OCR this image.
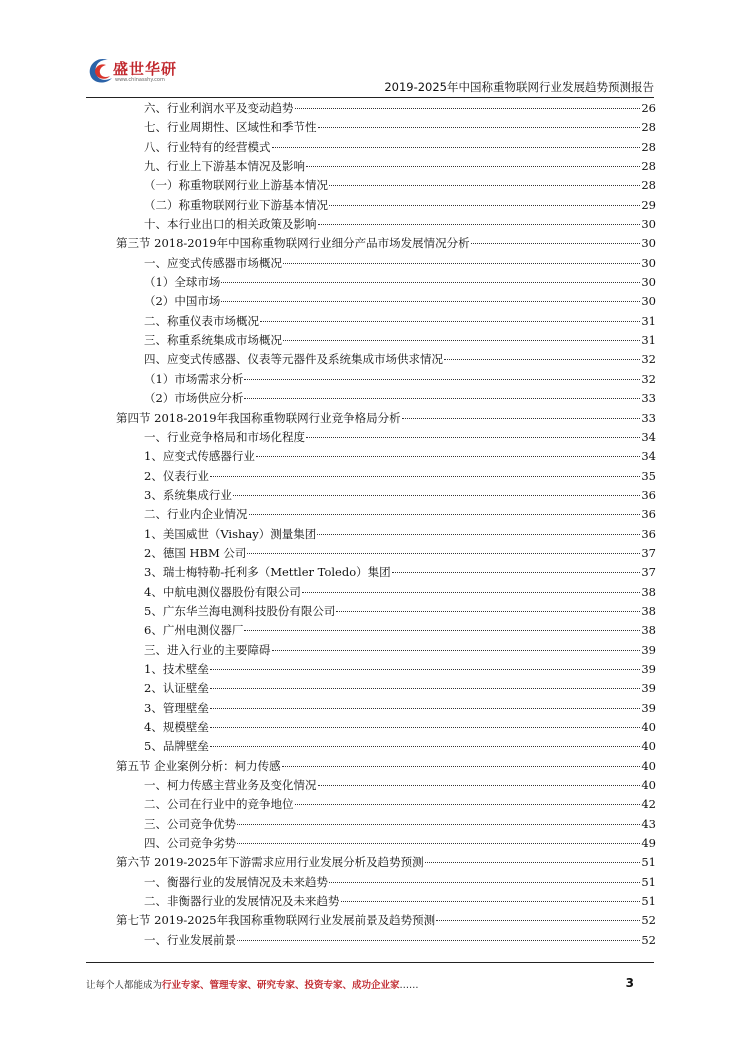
盛世华研
www.chinasshy.com	2019-2025年中国称重物联网行业发展趋势预测报告
六、行业利润水平及变动趋势	26
七、行业周期性、区域性和季节性	28
八、行业特有的经营模式	28
九、行业上下游基本情况及影响	28
（一）称重物联网行业上游基本情况	28
（二）称重物联网行业下游基本情况	29
十、本行业出口的相关政策及影响	30
第三节 2018-2019年中国称重物联网行业细分产品市场发展情况分析	30
一、应变式传感器市场概况	30
（1）全球市场	30
（2）中国市场	30
二、称重仪表市场概况	31
三、称重系统集成市场概况	31
四、应变式传感器、仪表等元器件及系统集成市场供求情况	32
（1）市场需求分析	32
（2）市场供应分析	33
第四节 2018-2019年我国称重物联网行业竞争格局分析	33
一、行业竞争格局和市场化程度	34
1、应变式传感器行业	34
2、仪表行业	35
3、系统集成行业	36
二、行业内企业情况	36
1、美国威世（Vishay）测量集团	36
2、德国 HBM 公司	37
3、瑞士梅特勒-托利多（Mettler Toledo）集团	37
4、中航电测仪器股份有限公司	38
5、广东华兰海电测科技股份有限公司	38
6、广州电测仪器厂	38
三、进入行业的主要障碍	39
1、技术壁垒	39
2、认证壁垒	39
3、管理壁垒	39
4、规模壁垒	40
5、品牌壁垒	40
第五节 企业案例分析：柯力传感	40
一、柯力传感主营业务及变化情况	40
二、公司在行业中的竞争地位	42
三、公司竞争优势	43
四、公司竞争劣势	49
第六节 2019-2025年下游需求应用行业发展分析及趋势预测	51
一、衡器行业的发展情况及未来趋势	51
二、非衡器行业的发展情况及未来趋势	51
第七节 2019-2025年我国称重物联网行业发展前景及趋势预测	52
一、行业发展前景	52
让每个人都能成为行业专家、管理专家、研究专家、投资专家、成功企业家……	3
